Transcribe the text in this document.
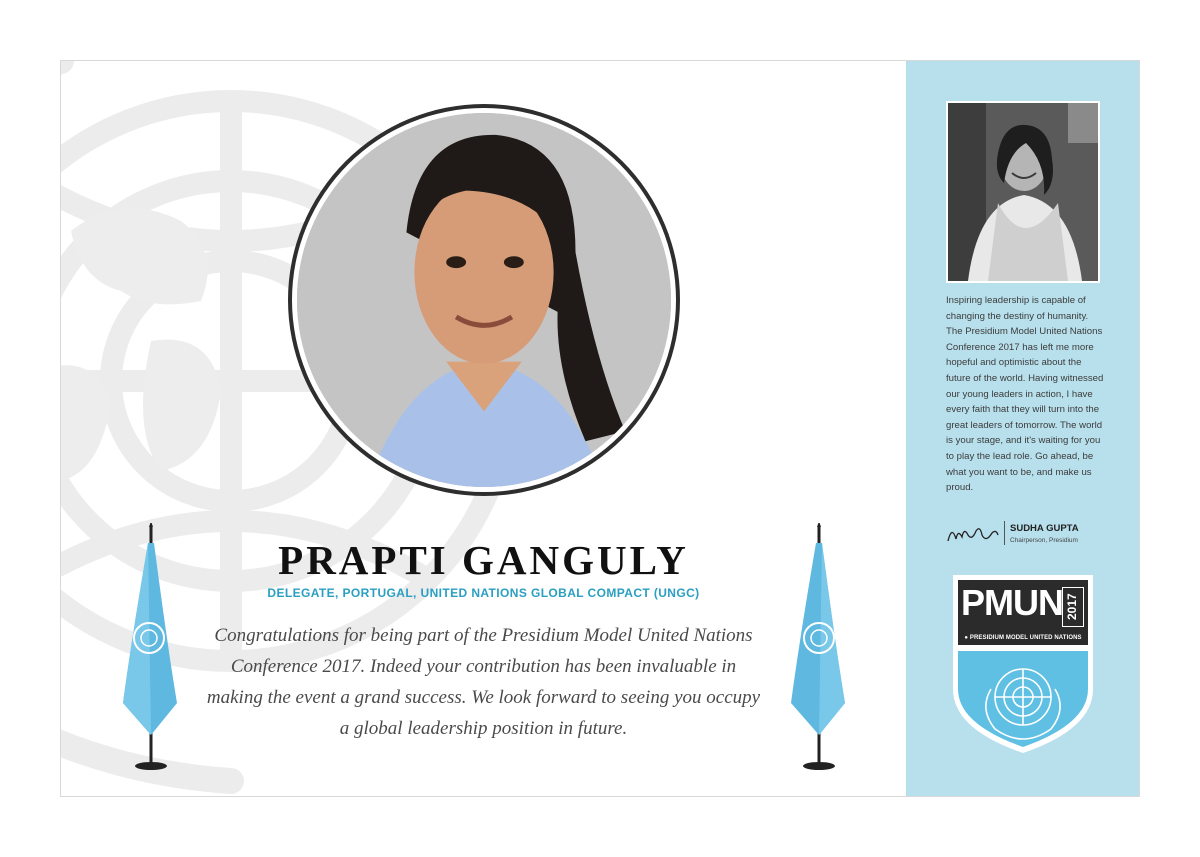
PRAPTI GANGULY
DELEGATE, PORTUGAL, UNITED NATIONS GLOBAL COMPACT (UNGC)
Congratulations for being part of the Presidium Model United Nations Conference 2017. Indeed your contribution has been invaluable in making the event a grand success. We look forward to seeing you occupy a global leadership position in future.
Inspiring leadership is capable of changing the destiny of humanity. The Presidium Model United Nations Conference 2017 has left me more hopeful and optimistic about the future of the world. Having witnessed our young leaders in action, I have every faith that they will turn into the great leaders of tomorrow. The world is your stage, and it's waiting for you to play the lead role. Go ahead, be what you want to be, and make us proud.
SUDHA GUPTA
Chairperson, Presidium
PMUN 2017
● PRESIDIUM MODEL UNITED NATIONS
